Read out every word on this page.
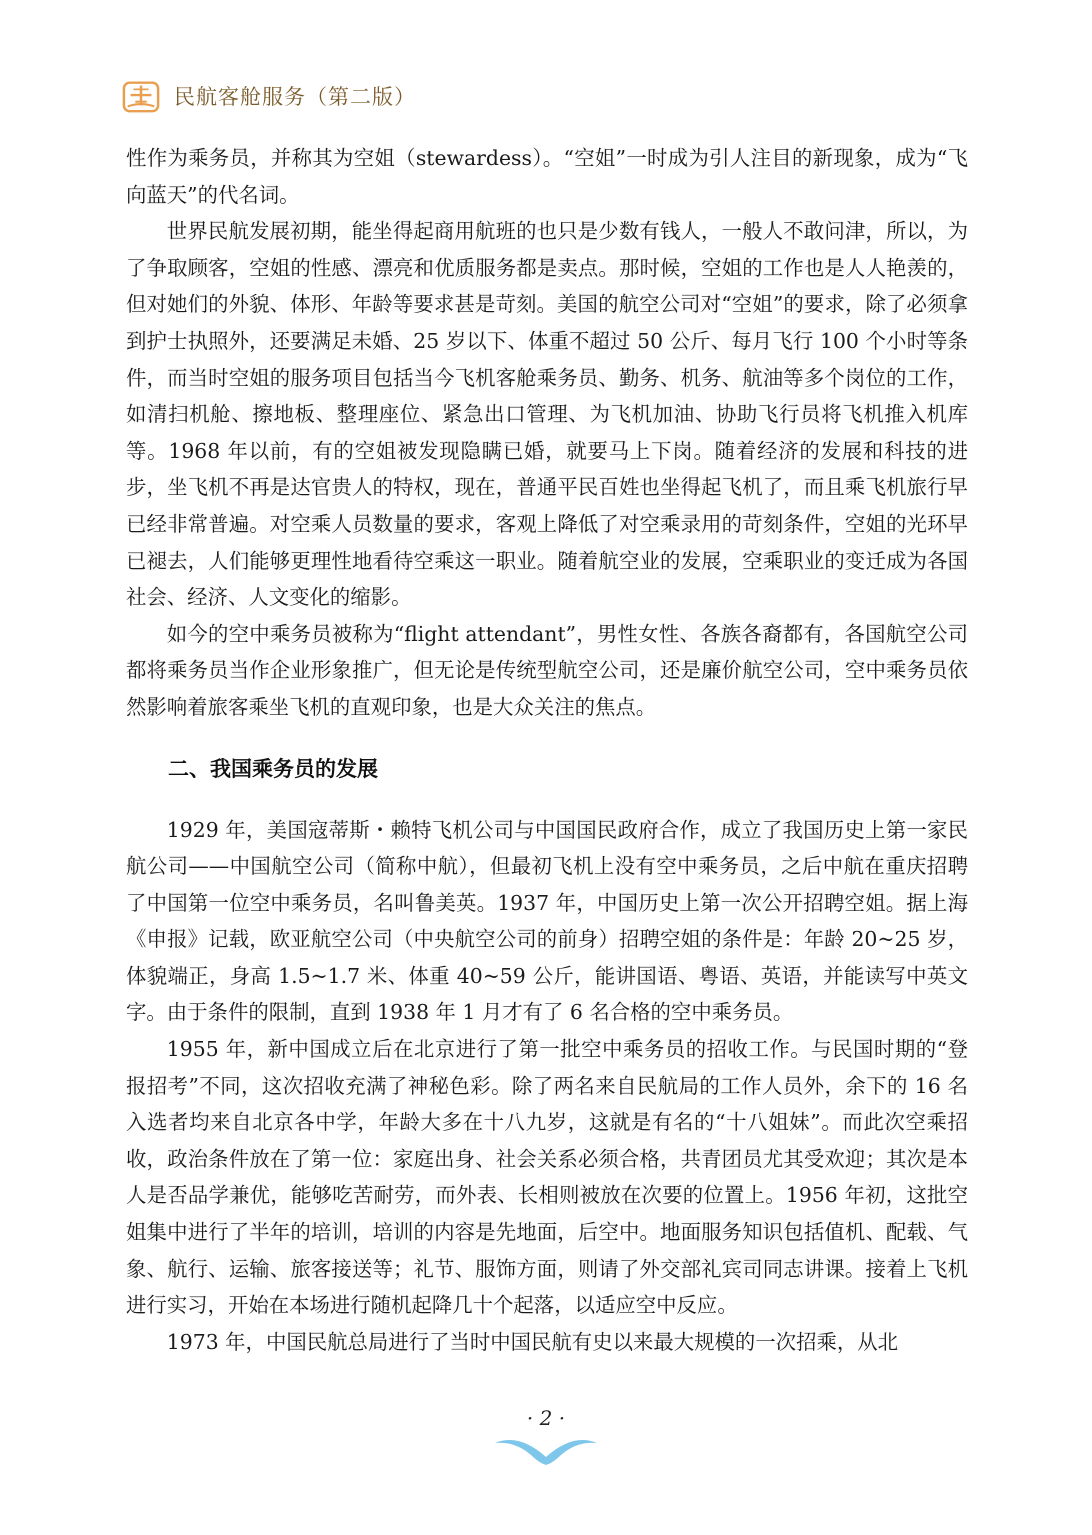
民航客舱服务（第二版）

性作为乘务员，并称其为空姐（stewardess）。“空姐”一时成为引人注目的新现象，成为“飞向蓝天”的代名词。

世界民航发展初期，能坐得起商用航班的也只是少数有钱人，一般人不敢问津，所以，为了争取顾客，空姐的性感、漂亮和优质服务都是卖点。那时候，空姐的工作也是人人艳羡的，但对她们的外貌、体形、年龄等要求甚是苛刻。美国的航空公司对“空姐”的要求，除了必须拿到护士执照外，还要满足未婚、25 岁以下、体重不超过 50 公斤、每月飞行 100 个小时等条件，而当时空姐的服务项目包括当今飞机客舱乘务员、勤务、机务、航油等多个岗位的工作，如清扫机舱、擦地板、整理座位、紧急出口管理、为飞机加油、协助飞行员将飞机推入机库等。1968 年以前，有的空姐被发现隐瞒已婚，就要马上下岗。随着经济的发展和科技的进步，坐飞机不再是达官贵人的特权，现在，普通平民百姓也坐得起飞机了，而且乘飞机旅行早已经非常普遍。对空乘人员数量的要求，客观上降低了对空乘录用的苛刻条件，空姐的光环早已褪去，人们能够更理性地看待空乘这一职业。随着航空业的发展，空乘职业的变迁成为各国社会、经济、人文变化的缩影。

如今的空中乘务员被称为“flight attendant”，男性女性、各族各裔都有，各国航空公司都将乘务员当作企业形象推广，但无论是传统型航空公司，还是廉价航空公司，空中乘务员依然影响着旅客乘坐飞机的直观印象，也是大众关注的焦点。

二、我国乘务员的发展

1929 年，美国寇蒂斯・赖特飞机公司与中国国民政府合作，成立了我国历史上第一家民航公司——中国航空公司（简称中航），但最初飞机上没有空中乘务员，之后中航在重庆招聘了中国第一位空中乘务员，名叫鲁美英。1937 年，中国历史上第一次公开招聘空姐。据上海《申报》记载，欧亚航空公司（中央航空公司的前身）招聘空姐的条件是：年龄 20~25 岁，体貌端正，身高 1.5~1.7 米、体重 40~59 公斤，能讲国语、粤语、英语，并能读写中英文字。由于条件的限制，直到 1938 年 1 月才有了 6 名合格的空中乘务员。

1955 年，新中国成立后在北京进行了第一批空中乘务员的招收工作。与民国时期的“登报招考”不同，这次招收充满了神秘色彩。除了两名来自民航局的工作人员外，余下的 16 名入选者均来自北京各中学，年龄大多在十八九岁，这就是有名的“十八姐妹”。而此次空乘招收，政治条件放在了第一位：家庭出身、社会关系必须合格，共青团员尤其受欢迎；其次是本人是否品学兼优，能够吃苦耐劳，而外表、长相则被放在次要的位置上。1956 年初，这批空姐集中进行了半年的培训，培训的内容是先地面，后空中。地面服务知识包括值机、配载、气象、航行、运输、旅客接送等；礼节、服饰方面，则请了外交部礼宾司同志讲课。接着上飞机进行实习，开始在本场进行随机起降几十个起落，以适应空中反应。

1973 年，中国民航总局进行了当时中国民航有史以来最大规模的一次招乘，从北

· 2 ·
